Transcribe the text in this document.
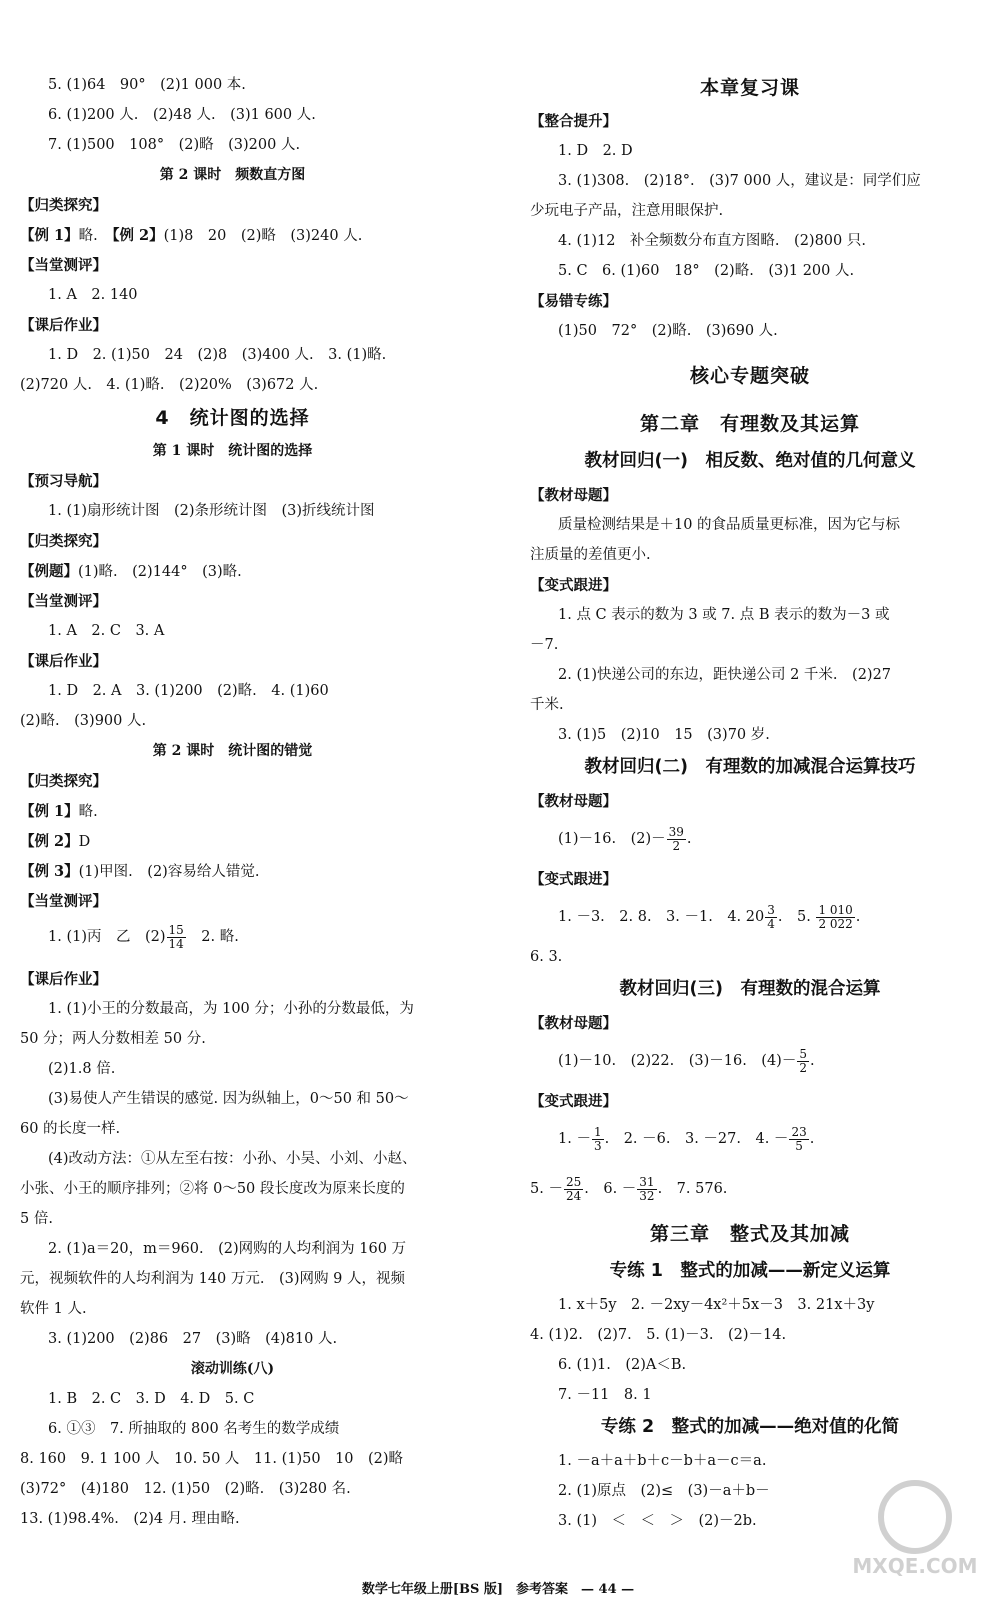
5. (1)64　90°　(2)1 000 本.
6. (1)200 人.　(2)48 人.　(3)1 600 人.
7. (1)500　108°　(2)略　(3)200 人.
第 2 课时　频数直方图
【归类探究】
【例 1】略.　 【例 2】(1)8　20　(2)略　(3)240 人.
【当堂测评】
1. A　2. 140
【课后作业】
1. D　2. (1)50　24　(2)8　(3)400 人.　3. (1)略.
(2)720 人.　4. (1)略.　(2)20%　(3)672 人.
4　统计图的选择
第 1 课时　统计图的选择
【预习导航】
1. (1)扇形统计图　(2)条形统计图　(3)折线统计图
【归类探究】
【例题】(1)略.　(2)144°　(3)略.
【当堂测评】
1. A　2. C　3. A
【课后作业】
1. D　2. A　3. (1)200　(2)略.　4. (1)60
(2)略.　(3)900 人.
第 2 课时　统计图的错觉
【归类探究】
【例 1】略.
【例 2】D
【例 3】(1)甲图.　(2)容易给人错觉.
【当堂测评】
1. (1)丙　乙　$(2) \frac{15}{14}$ 　2. 略.
【课后作业】
1. (1)小王的分数最高，为 100 分；小孙的分数最低，为
50 分；两人分数相差 50 分.
(2)1.8 倍.
(3)易使人产生错误的感觉. 因为纵轴上，0～50 和 50～
60 的长度一样.
(4)改动方法：①从左至右按：小孙、小吴、小刘、小赵、
小张、小王的顺序排列；②将 0～50 段长度改为原来长度的
5 倍.
2. (1)a＝20，m＝960.　(2)网购的人均利润为 160 万
元，视频软件的人均利润为 140 万元.　(3)网购 9 人，视频
软件 1 人.
3. (1)200　(2)86　27　(3)略　(4)810 人.
滚动训练(八)
1. B　2. C　3. D　4. D　5. C
6. ①③　7. 所抽取的 800 名考生的数学成绩
8. 160　9. 1 100 人　10. 50 人　11. (1)50　10　(2)略
(3)72°　(4)180　12. (1)50　(2)略.　(3)280 名.
13. (1)98.4%.　(2)4 月. 理由略.
本章复习课
【整合提升】
1. D　2. D
3. (1)308.　(2)18°.　(3)7 000 人，建议是：同学们应
少玩电子产品，注意用眼保护.
4. (1)12　补全频数分布直方图略.　(2)800 只.
5. C　6. (1)60　18°　(2)略.　(3)1 200 人.
【易错专练】
(1)50　72°　(2)略.　(3)690 人.
核心专题突破
第二章　有理数及其运算
教材回归(一)　相反数、绝对值的几何意义
【教材母题】
质量检测结果是＋10 的食品质量更标准，因为它与标
注质量的差值更小.
【变式跟进】
1. 点 C 表示的数为 3 或 7. 点 B 表示的数为－3 或
－7.
2. (1)快递公司的东边，距快递公司 2 千米.　(2)27
千米.
3. (1)5　(2)10　15　(3)70 岁.
教材回归(二)　有理数的加减混合运算技巧
【教材母题】
(1)－16.　$(2)- \frac{39}{2}$ .
【变式跟进】
1. －3.　2. 8.　3. －1.　4. $20 \frac{3}{4}$ .　5. $\frac{1 010}{2 022}$ .
6. 3.
教材回归(三)　有理数的混合运算
【教材母题】
(1)－10.　(2)22.　(3)－16.　$(4)- \frac{5}{2}$ .
【变式跟进】
1. － $\frac{1}{3}$ .　2. －6.　3. －27.　4. － $\frac{23}{5}$ .
5. － $\frac{25}{24}$ .　6. － $\frac{31}{32}$ .　7. 576.
第三章　整式及其加减
专练 1　整式的加减——新定义运算
1. x＋5y　2. －2xy－4x²＋5x－3　3. 21x＋3y
4. (1)2.　(2)7.　5. (1)－3.　(2)－14.
6. (1)1.　(2)A＜B.
7. －11　8. 1
专练 2　整式的加减——绝对值的化简
1. －a＋a＋b＋c－b＋a－c＝a.
2. (1)原点　(2)≤　(3)－a＋b－
3. (1)　＜　＜　＞　(2)－2b.
MXQE.COM
数学七年级上册[BS 版]　参考答案　— 44 —
